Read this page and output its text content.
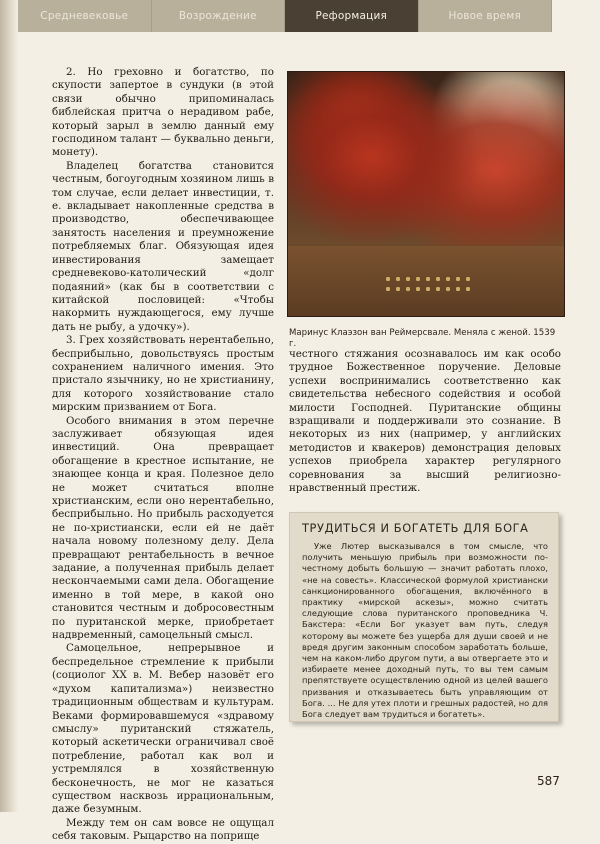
Средневековье	Возрождение	Реформация	Новое время

2. Но греховно и богатство, по скупости запертое в сундуки (в этой связи обычно припоминалась библейская притча о нерадивом рабе, который зарыл в землю данный ему господином талант — буквально деньги, монету).

Владелец богатства становится честным, богоугодным хозяином лишь в том случае, если делает инвестиции, т. е. вкладывает накопленные средства в производство, обеспечивающее занятость населения и преумножение потребляемых благ. Обязующая идея инвестирования замещает средневеково-католический «долг подаяний» (как бы в соответствии с китайской пословицей: «Чтобы накормить нуждающегося, ему лучше дать не рыбу, а удочку»).

3. Грех хозяйствовать нерентабельно, бесприбыльно, довольствуясь простым сохранением наличного имения. Это пристало язычнику, но не христианину, для которого хозяйствование стало мирским призванием от Бога.

Особого внимания в этом перечне заслуживает обязующая идея инвестиций. Она превращает обогащение в крестное испытание, не знающее конца и края. Полезное дело не может считаться вполне христианским, если оно нерентабельно, бесприбыльно. Но прибыль расходуется не по-христиански, если ей не даёт начала новому полезному делу. Дела превращают рентабельность в вечное задание, а полученная прибыль делает нескончаемыми сами дела. Обогащение именно в той мере, в какой оно становится честным и добросовестным по пуританской мерке, приобретает надвременный, самоцельный смысл.

Самоцельное, непрерывное и беспредельное стремление к прибыли (социолог XX в. М. Вебер назовёт его «духом капитализма») неизвестно традиционным обществам и культурам. Веками формировавшемуся «здравому смыслу» пуританский стяжатель, который аскетически ограничивал своё потребление, работал как вол и устремлялся в хозяйственную бесконечность, не мог не казаться существом насквозь иррациональным, даже безумным.

Между тем он сам вовсе не ощущал себя таковым. Рыцарство на поприще

Маринус Клаэзон ван Реймерсвале. Меняла с женой. 1539 г.

честного стяжания осознавалось им как особо трудное Божественное поручение. Деловые успехи воспринимались соответственно как свидетельства небесного содействия и особой милости Господней. Пуританские общины взращивали и поддерживали это сознание. В некоторых из них (например, у английских методистов и квакеров) демонстрация деловых успехов приобрела характер регулярного соревнования за высший религиозно-нравственный престиж.

ТРУДИТЬСЯ И БОГАТЕТЬ ДЛЯ БОГА

Уже Лютер высказывался в том смысле, что получить меньшую прибыль при возможности по-честному добыть большую — значит работать плохо, «не на совесть». Классической формулой христиански санкционированного обогащения, включённого в практику «мирской аскезы», можно считать следующие слова пуританского проповедника Ч. Бакстера: «Если Бог указует вам путь, следуя которому вы можете без ущерба для души своей и не вредя другим законным способом заработать больше, чем на каком-либо другом пути, а вы отвергаете это и избираете менее доходный путь, то вы тем самым препятствуете осуществлению одной из целей вашего призвания и отказываетесь быть управляющим от Бога. ... Не для утех плоти и грешных радостей, но для Бога следует вам трудиться и богатеть».

587
